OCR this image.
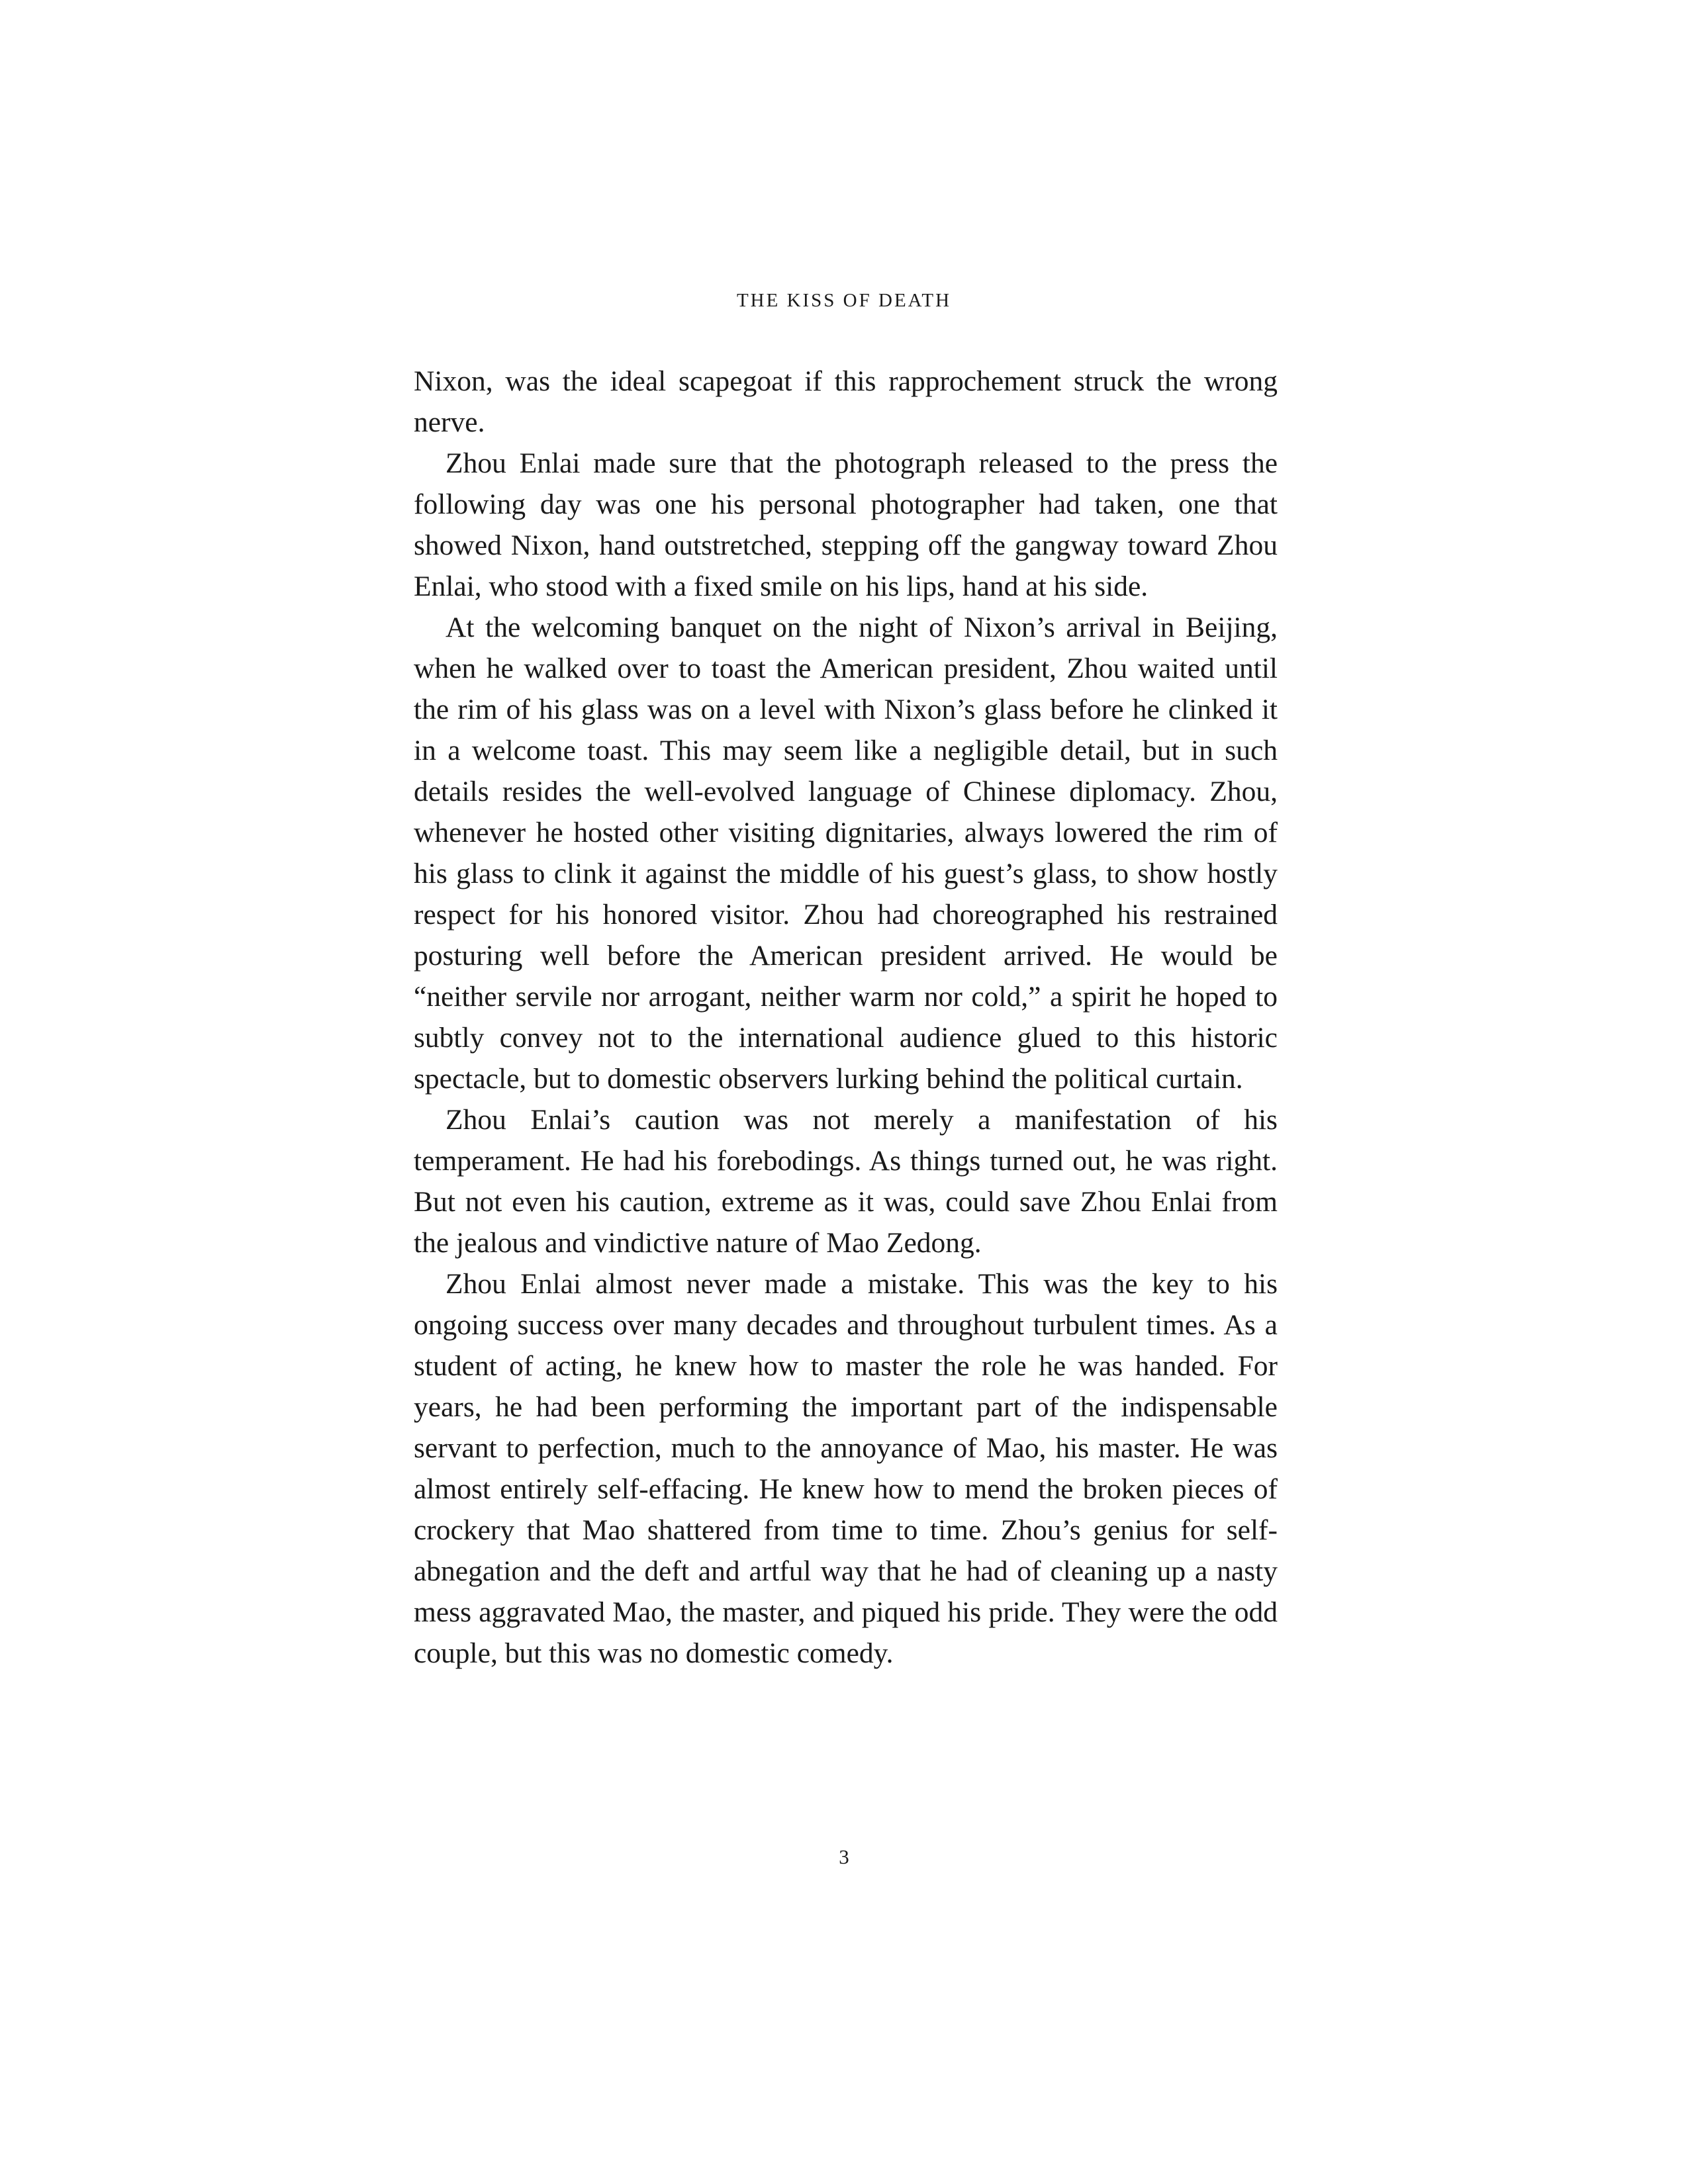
THE KISS OF DEATH

Nixon, was the ideal scapegoat if this rapprochement struck the wrong nerve.

Zhou Enlai made sure that the photograph released to the press the following day was one his personal photographer had taken, one that showed Nixon, hand outstretched, stepping off the gangway toward Zhou Enlai, who stood with a fixed smile on his lips, hand at his side.

At the welcoming banquet on the night of Nixon’s arrival in Beijing, when he walked over to toast the American president, Zhou waited until the rim of his glass was on a level with Nixon’s glass before he clinked it in a welcome toast. This may seem like a negligible detail, but in such details resides the well-evolved language of Chinese diplomacy. Zhou, whenever he hosted other visiting dignitaries, always lowered the rim of his glass to clink it against the middle of his guest’s glass, to show hostly respect for his honored visitor. Zhou had choreographed his restrained posturing well before the American president arrived. He would be “neither servile nor arrogant, neither warm nor cold,” a spirit he hoped to subtly convey not to the international audience glued to this historic spectacle, but to domestic observers lurking behind the political curtain.

Zhou Enlai’s caution was not merely a manifestation of his temperament. He had his forebodings. As things turned out, he was right. But not even his caution, extreme as it was, could save Zhou Enlai from the jealous and vindictive nature of Mao Zedong.

Zhou Enlai almost never made a mistake. This was the key to his ongoing success over many decades and throughout turbulent times. As a student of acting, he knew how to master the role he was handed. For years, he had been performing the important part of the indispensable servant to perfection, much to the annoyance of Mao, his master. He was almost entirely self-effacing. He knew how to mend the broken pieces of crockery that Mao shattered from time to time. Zhou’s genius for self-abnegation and the deft and artful way that he had of cleaning up a nasty mess aggravated Mao, the master, and piqued his pride. They were the odd couple, but this was no domestic comedy.

3
